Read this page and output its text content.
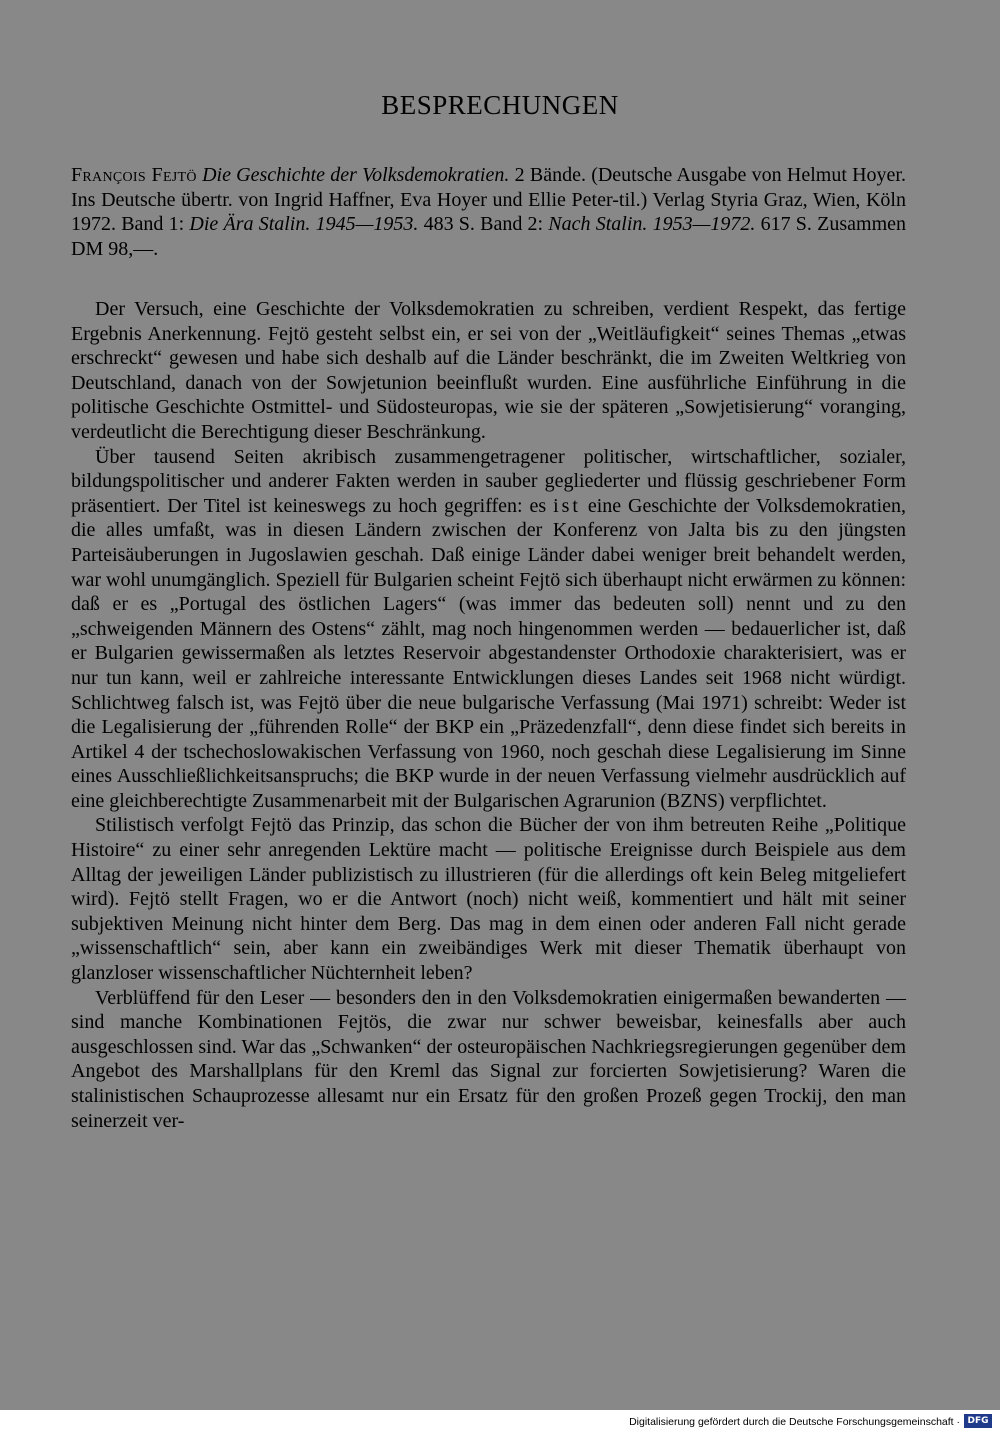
BESPRECHUNGEN
François Fejtö Die Geschichte der Volksdemokratien. 2 Bände. (Deutsche Ausgabe von Helmut Hoyer. Ins Deutsche übertr. von Ingrid Haffner, Eva Hoyer und Ellie Peter-til.) Verlag Styria Graz, Wien, Köln 1972. Band 1: Die Ära Stalin. 1945—1953. 483 S. Band 2: Nach Stalin. 1953—1972. 617 S. Zusammen DM 98,—.

Der Versuch, eine Geschichte der Volksdemokratien zu schreiben, verdient Respekt, das fertige Ergebnis Anerkennung. Fejtö gesteht selbst ein, er sei von der „Weitläufigkeit“ seines Themas „etwas erschreckt“ gewesen und habe sich deshalb auf die Länder beschränkt, die im Zweiten Weltkrieg von Deutschland, danach von der Sowjetunion beeinflußt wurden. Eine ausführliche Einführung in die politische Geschichte Ostmittel- und Südosteuropas, wie sie der späteren „Sowjetisierung“ voranging, verdeutlicht die Berechtigung dieser Beschränkung.

Über tausend Seiten akribisch zusammengetragener politischer, wirtschaftlicher, sozialer, bildungspolitischer und anderer Fakten werden in sauber gegliederter und flüssig geschriebener Form präsentiert. Der Titel ist keineswegs zu hoch gegriffen: es ist eine Geschichte der Volksdemokratien, die alles umfaßt, was in diesen Ländern zwischen der Konferenz von Jalta bis zu den jüngsten Parteisäuberungen in Jugoslawien geschah. Daß einige Länder dabei weniger breit behandelt werden, war wohl unumgänglich. Speziell für Bulgarien scheint Fejtö sich überhaupt nicht erwärmen zu können: daß er es „Portugal des östlichen Lagers“ (was immer das bedeuten soll) nennt und zu den „schweigenden Männern des Ostens“ zählt, mag noch hingenommen werden — bedauerlicher ist, daß er Bulgarien gewissermaßen als letztes Reservoir abgestandenster Orthodoxie charakterisiert, was er nur tun kann, weil er zahlreiche interessante Entwicklungen dieses Landes seit 1968 nicht würdigt. Schlichtweg falsch ist, was Fejtö über die neue bulgarische Verfassung (Mai 1971) schreibt: Weder ist die Legalisierung der „führenden Rolle“ der BKP ein „Präzedenzfall“, denn diese findet sich bereits in Artikel 4 der tschechoslowakischen Verfassung von 1960, noch geschah diese Legalisierung im Sinne eines Ausschließlichkeitsanspruchs; die BKP wurde in der neuen Verfassung vielmehr ausdrücklich auf eine gleichberechtigte Zusammenarbeit mit der Bulgarischen Agrarunion (BZNS) verpflichtet.

Stilistisch verfolgt Fejtö das Prinzip, das schon die Bücher der von ihm betreuten Reihe „Politique Histoire“ zu einer sehr anregenden Lektüre macht — politische Ereignisse durch Beispiele aus dem Alltag der jeweiligen Länder publizistisch zu illustrieren (für die allerdings oft kein Beleg mitgeliefert wird). Fejtö stellt Fragen, wo er die Antwort (noch) nicht weiß, kommentiert und hält mit seiner subjektiven Meinung nicht hinter dem Berg. Das mag in dem einen oder anderen Fall nicht gerade „wissenschaftlich“ sein, aber kann ein zweibändiges Werk mit dieser Thematik überhaupt von glanzloser wissenschaftlicher Nüchternheit leben?

Verblüffend für den Leser — besonders den in den Volksdemokratien einigermaßen bewanderten — sind manche Kombinationen Fejtös, die zwar nur schwer beweisbar, keinesfalls aber auch ausgeschlossen sind. War das „Schwanken“ der osteuropäischen Nachkriegsregierungen gegenüber dem Angebot des Marshallplans für den Kreml das Signal zur forcierten Sowjetisierung? Waren die stalinistischen Schauprozesse allesamt nur ein Ersatz für den großen Prozeß gegen Trockij, den man seinerzeit ver-

Digitalisierung gefördert durch die Deutsche Forschungsgemeinschaft · DFG
